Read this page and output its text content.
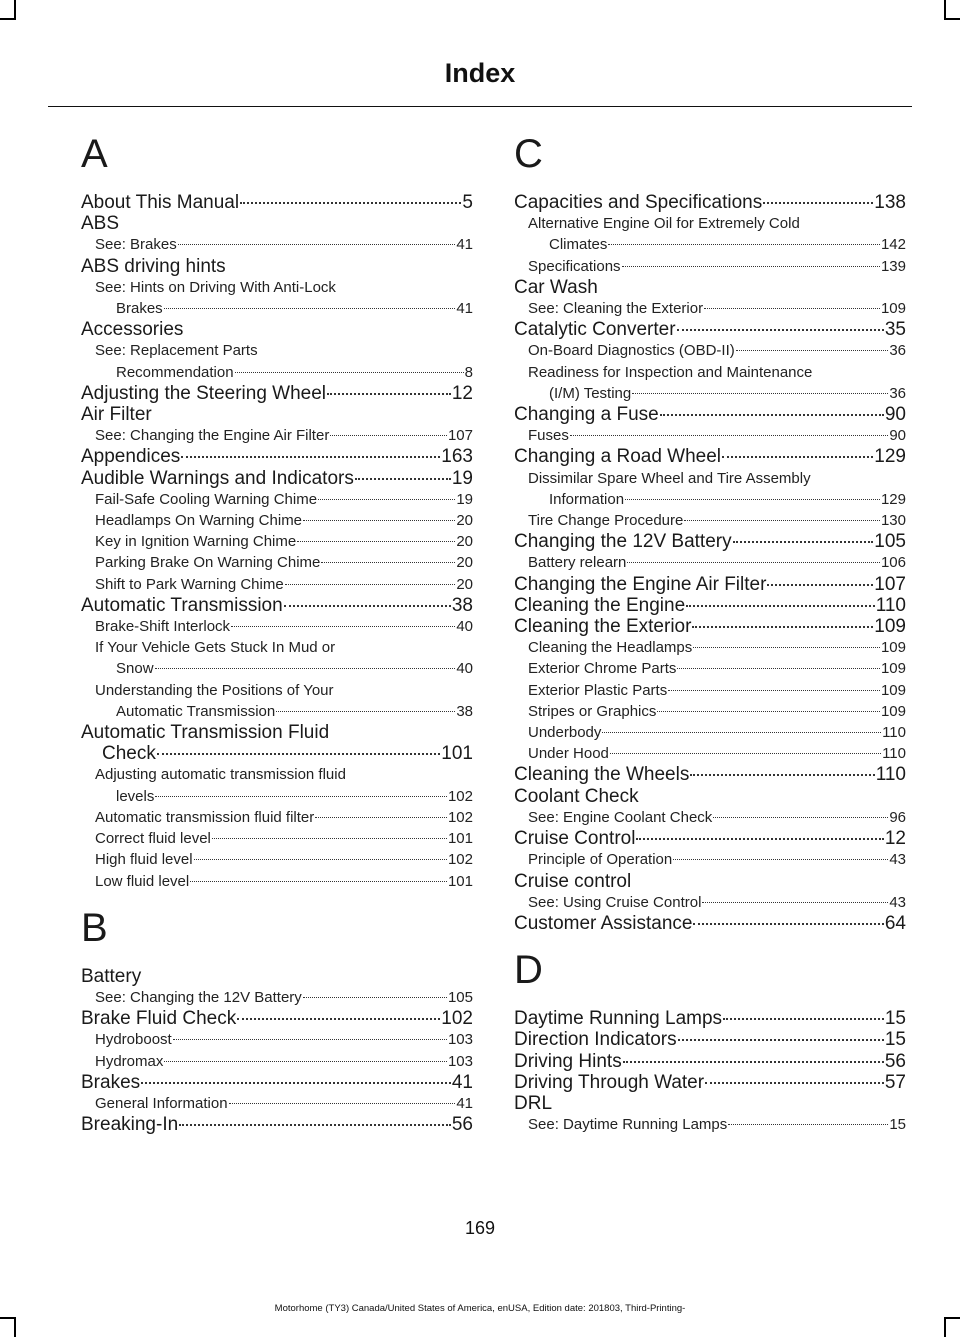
Index
A
About This Manual	5
ABS
See: Brakes	41
ABS driving hints
See: Hints on Driving With Anti-Lock
Brakes	41
Accessories
See: Replacement Parts
Recommendation	8
Adjusting the Steering Wheel	12
Air Filter
See: Changing the Engine Air Filter	107
Appendices	163
Audible Warnings and Indicators	19
Fail-Safe Cooling Warning Chime	19
Headlamps On Warning Chime	20
Key in Ignition Warning Chime	20
Parking Brake On Warning Chime	20
Shift to Park Warning Chime	20
Automatic Transmission	38
Brake-Shift Interlock	40
If Your Vehicle Gets Stuck In Mud or
Snow	40
Understanding the Positions of Your
Automatic Transmission	38
Automatic Transmission Fluid
Check	101
Adjusting automatic transmission fluid
levels	102
Automatic transmission fluid filter	102
Correct fluid level	101
High fluid level	102
Low fluid level	101
B
Battery
See: Changing the 12V Battery	105
Brake Fluid Check	102
Hydroboost	103
Hydromax	103
Brakes	41
General Information	41
Breaking-In	56
C
Capacities and Specifications	138
Alternative Engine Oil for Extremely Cold
Climates	142
Specifications	139
Car Wash
See: Cleaning the Exterior	109
Catalytic Converter	35
On-Board Diagnostics (OBD-II)	36
Readiness for Inspection and Maintenance
(I/M) Testing	36
Changing a Fuse	90
Fuses	90
Changing a Road Wheel	129
Dissimilar Spare Wheel and Tire Assembly
Information	129
Tire Change Procedure	130
Changing the 12V Battery	105
Battery relearn	106
Changing the Engine Air Filter	107
Cleaning the Engine	110
Cleaning the Exterior	109
Cleaning the Headlamps	109
Exterior Chrome Parts	109
Exterior Plastic Parts	109
Stripes or Graphics	109
Underbody	110
Under Hood	110
Cleaning the Wheels	110
Coolant Check
See: Engine Coolant Check	96
Cruise Control	12
Principle of Operation	43
Cruise control
See: Using Cruise Control	43
Customer Assistance	64
D
Daytime Running Lamps	15
Direction Indicators	15
Driving Hints	56
Driving Through Water	57
DRL
See: Daytime Running Lamps	15
169
Motorhome (TY3) Canada/United States of America, enUSA, Edition date: 201803, Third-Printing-
